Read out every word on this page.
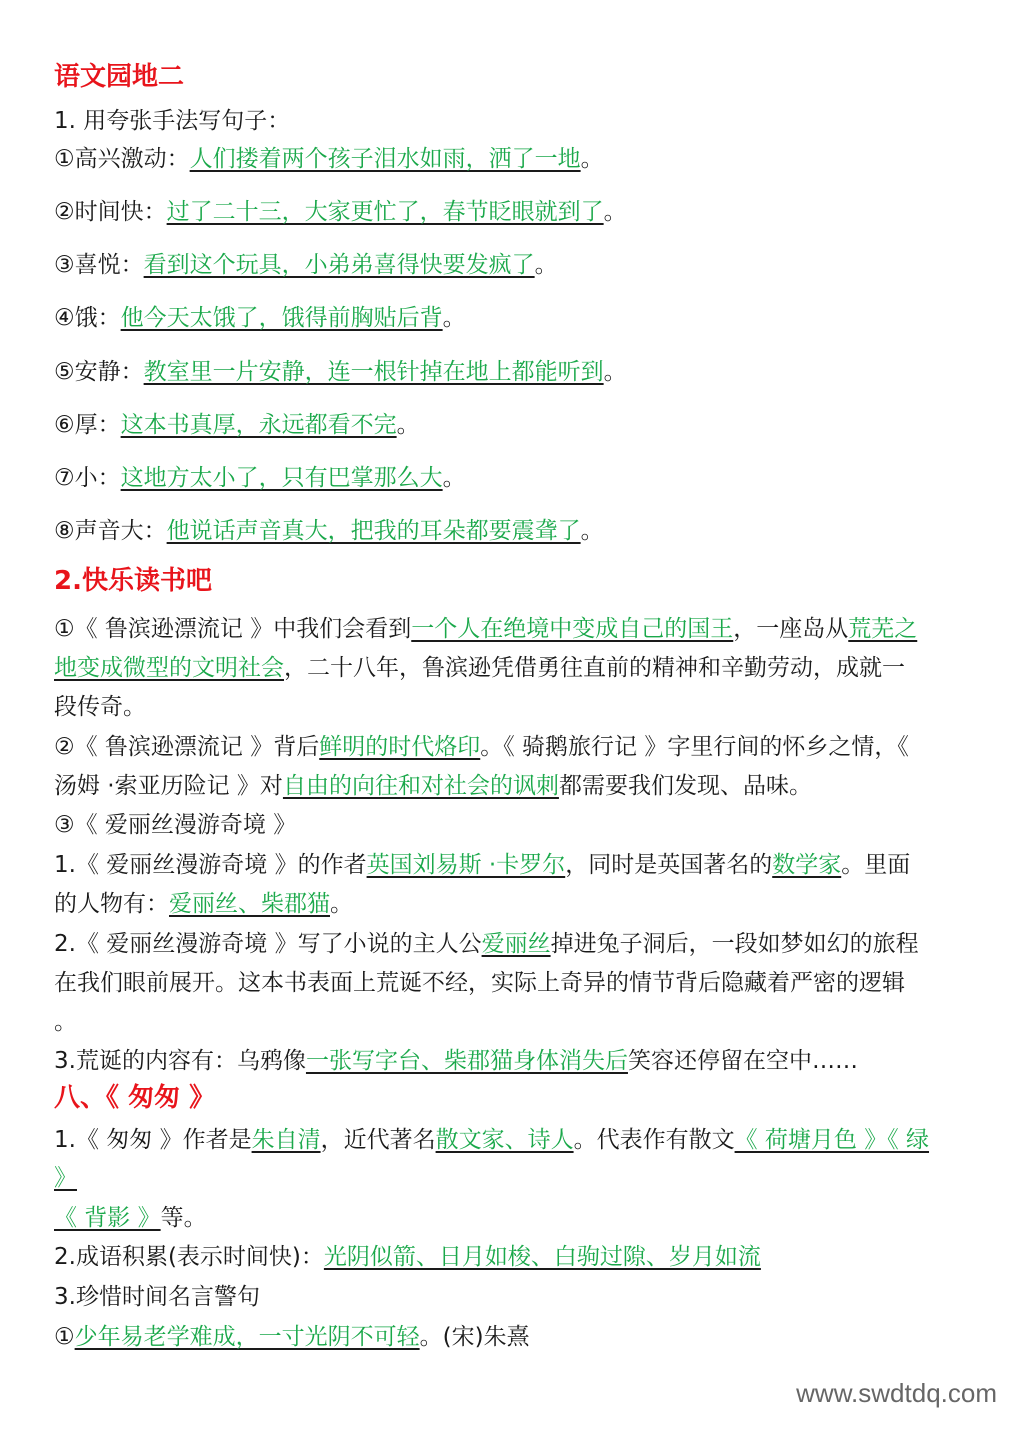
语文园地二
1. 用夸张手法写句子：
①高兴激动：人们搂着两个孩子泪水如雨，洒了一地。
②时间快：过了二十三，大家更忙了，春节眨眼就到了。
③喜悦：看到这个玩具，小弟弟喜得快要发疯了。
④饿：他今天太饿了，饿得前胸贴后背。
⑤安静：教室里一片安静，连一根针掉在地上都能听到。
⑥厚：这本书真厚，永远都看不完。
⑦小：这地方太小了，只有巴掌那么大。
⑧声音大：他说话声音真大，把我的耳朵都要震聋了。
2.快乐读书吧
①《 鲁滨逊漂流记 》中我们会看到一个人在绝境中变成自己的国王，一座岛从荒芜之
地变成微型的文明社会，二十八年，鲁滨逊凭借勇往直前的精神和辛勤劳动，成就一
段传奇。
②《 鲁滨逊漂流记 》背后鲜明的时代烙印。《 骑鹅旅行记 》字里行间的怀乡之情，《
汤姆 ·索亚历险记 》对自由的向往和对社会的讽刺都需要我们发现、品味。
③《 爱丽丝漫游奇境 》
1.《 爱丽丝漫游奇境 》的作者英国刘易斯 ·卡罗尔，同时是英国著名的数学家。里面
的人物有：爱丽丝、柴郡猫。
2.《 爱丽丝漫游奇境 》写了小说的主人公爱丽丝掉进兔子洞后，一段如梦如幻的旅程
在我们眼前展开。这本书表面上荒诞不经，实际上奇异的情节背后隐藏着严密的逻辑
。
3.荒诞的内容有：乌鸦像一张写字台、柴郡猫身体消失后笑容还停留在空中……
八、《 匆匆 》
1.《 匆匆 》作者是朱自清，近代著名散文家、诗人。代表作有散文《 荷塘月色 》《 绿
》
《 背影 》等。
2.成语积累(表示时间快)：光阴似箭、日月如梭、白驹过隙、岁月如流
3.珍惜时间名言警句
①少年易老学难成，一寸光阴不可轻。(宋)朱熹
www.swdtdq.com
